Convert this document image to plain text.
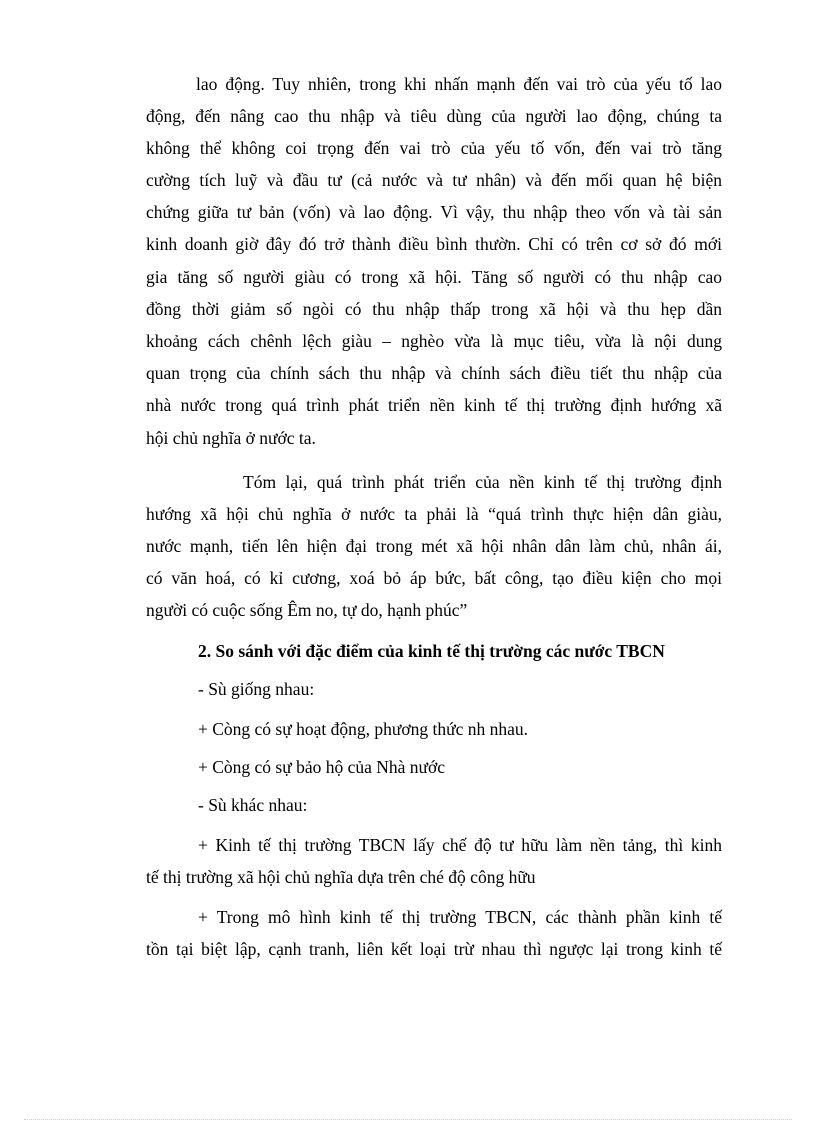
lao động. Tuy nhiên, trong khi nhấn mạnh đến vai trò của yếu tố lao
động, đến nâng cao thu nhập và tiêu dùng của người lao động, chúng ta
không thể không coi trọng đến vai trò của yếu tố vốn, đến vai trò tăng
cường tích luỹ và đầu tư (cả nước và tư nhân) và đến mối quan hệ biện
chứng giữa tư bản (vốn) và lao động. Vì vậy, thu nhập theo vốn và tài sản
kinh doanh giờ đây đó trở thành điều bình thườn. Chỉ có trên cơ sở đó mới
gia tăng số người giàu có trong xã hội. Tăng số người có thu nhập cao
đồng thời giảm số ngòi có thu nhập thấp trong xã hội và thu hẹp dần
khoảng cách chênh lệch giàu – nghèo vừa là mục tiêu, vừa là nội dung
quan trọng của chính sách thu nhập và chính sách điều tiết thu nhập của
nhà nước trong quá trình phát triển nền kinh tế thị trường định hướng xã
hội chủ nghĩa ở nước ta.
Tóm lại, quá trình phát triển của nền kinh tế thị trường định
hướng xã hội chủ nghĩa ở nước ta phải là “quá trình thực hiện dân giàu,
nước mạnh, tiến lên hiện đại trong mét xã hội nhân dân làm chủ, nhân ái,
có văn hoá, có kỉ cương, xoá bỏ áp bức, bất công, tạo điều kiện cho mọi
người có cuộc sống Êm no, tự do, hạnh phúc”
2. So sánh với đặc điểm của kinh tế thị trường các nước TBCN
- Sù giống nhau:
+ Còng có sự hoạt động, phương thức nh nhau.
+ Còng có sự bảo hộ của Nhà nước
- Sù khác nhau:
+ Kinh tế thị trường TBCN lấy chế độ tư hữu làm nền tảng, thì kinh
tế thị trường xã hội chủ nghĩa dựa trên ché độ công hữu
+ Trong mô hình kinh tế thị trường TBCN, các thành phần kinh tế
tồn tại biệt lập, cạnh tranh, liên kết loại trừ nhau thì ngược lại trong kinh tế
